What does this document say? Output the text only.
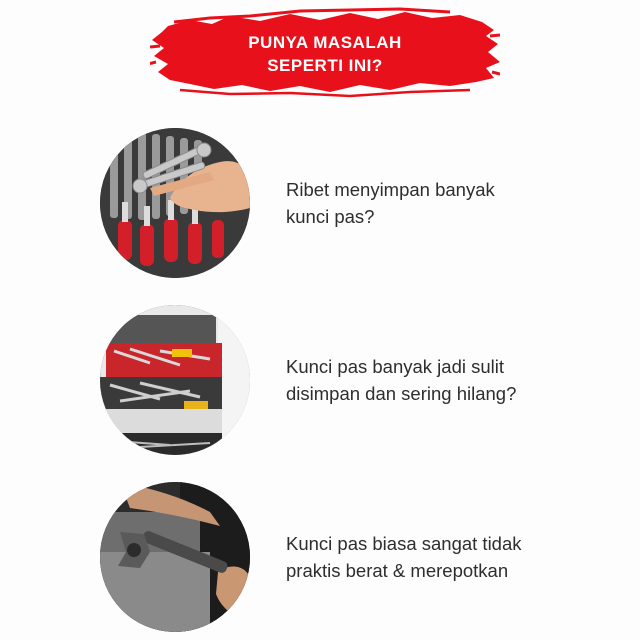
PUNYA MASALAH
SEPERTI INI?
Ribet menyimpan banyak
kunci pas?
Kunci pas banyak jadi sulit
disimpan dan sering hilang?
Kunci pas biasa sangat tidak
praktis berat & merepotkan
